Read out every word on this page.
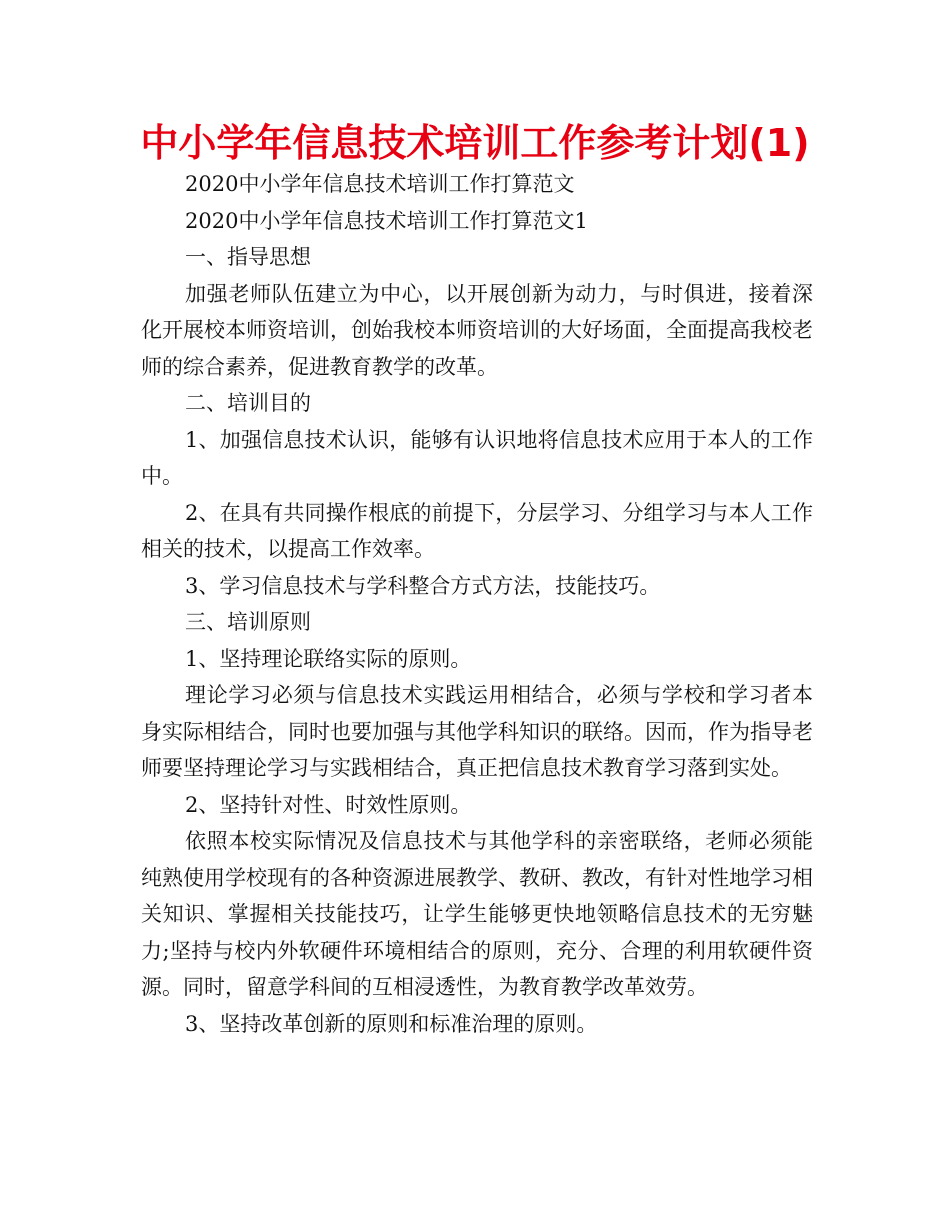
中小学年信息技术培训工作参考计划(1)

2020中小学年信息技术培训工作打算范文

2020中小学年信息技术培训工作打算范文1

一、指导思想

加强老师队伍建立为中心，以开展创新为动力，与时俱进，接着深化开展校本师资培训，创始我校本师资培训的大好场面，全面提高我校老师的综合素养，促进教育教学的改革。

二、培训目的

1、加强信息技术认识，能够有认识地将信息技术应用于本人的工作中。

2、在具有共同操作根底的前提下，分层学习、分组学习与本人工作相关的技术，以提高工作效率。

3、学习信息技术与学科整合方式方法，技能技巧。

三、培训原则

1、坚持理论联络实际的原则。

理论学习必须与信息技术实践运用相结合，必须与学校和学习者本身实际相结合，同时也要加强与其他学科知识的联络。因而，作为指导老师要坚持理论学习与实践相结合，真正把信息技术教育学习落到实处。

2、坚持针对性、时效性原则。

依照本校实际情况及信息技术与其他学科的亲密联络，老师必须能纯熟使用学校现有的各种资源进展教学、教研、教改，有针对性地学习相关知识、掌握相关技能技巧，让学生能够更快地领略信息技术的无穷魅力;坚持与校内外软硬件环境相结合的原则，充分、合理的利用软硬件资源。同时，留意学科间的互相浸透性，为教育教学改革效劳。

3、坚持改革创新的原则和标准治理的原则。
